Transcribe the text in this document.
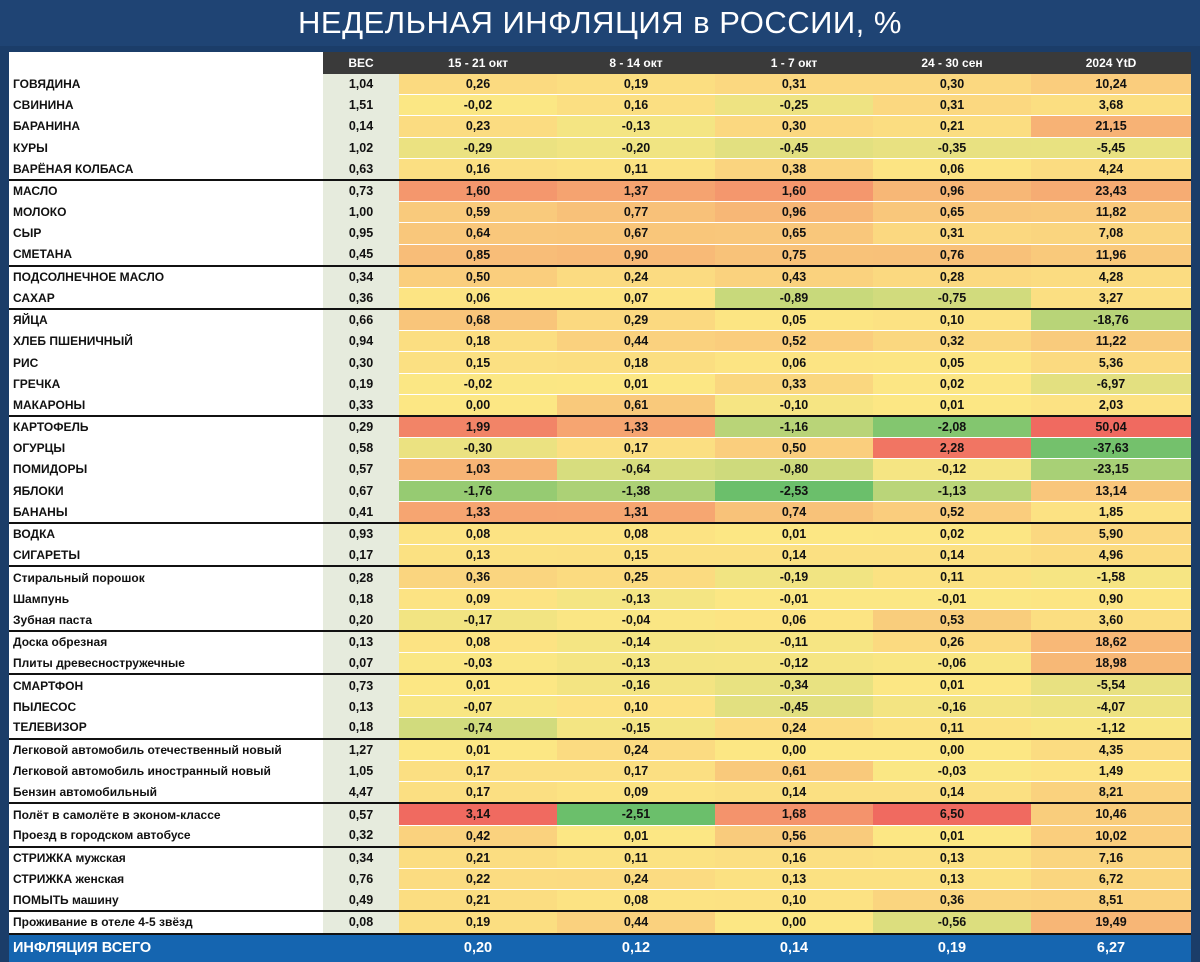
НЕДЕЛЬНАЯ ИНФЛЯЦИЯ в РОССИИ, %
	ВЕС	15 - 21 окт	8 - 14 окт	1 - 7 окт	24 - 30 сен	2024 YtD
ГОВЯДИНА	1,04	0,26	0,19	0,31	0,30	10,24
СВИНИНА	1,51	-0,02	0,16	-0,25	0,31	3,68
БАРАНИНА	0,14	0,23	-0,13	0,30	0,21	21,15
КУРЫ	1,02	-0,29	-0,20	-0,45	-0,35	-5,45
ВАРЁНАЯ КОЛБАСА	0,63	0,16	0,11	0,38	0,06	4,24
МАСЛО	0,73	1,60	1,37	1,60	0,96	23,43
МОЛОКО	1,00	0,59	0,77	0,96	0,65	11,82
СЫР	0,95	0,64	0,67	0,65	0,31	7,08
СМЕТАНА	0,45	0,85	0,90	0,75	0,76	11,96
ПОДСОЛНЕЧНОЕ МАСЛО	0,34	0,50	0,24	0,43	0,28	4,28
САХАР	0,36	0,06	0,07	-0,89	-0,75	3,27
ЯЙЦА	0,66	0,68	0,29	0,05	0,10	-18,76
ХЛЕБ ПШЕНИЧНЫЙ	0,94	0,18	0,44	0,52	0,32	11,22
РИС	0,30	0,15	0,18	0,06	0,05	5,36
ГРЕЧКА	0,19	-0,02	0,01	0,33	0,02	-6,97
МАКАРОНЫ	0,33	0,00	0,61	-0,10	0,01	2,03
КАРТОФЕЛЬ	0,29	1,99	1,33	-1,16	-2,08	50,04
ОГУРЦЫ	0,58	-0,30	0,17	0,50	2,28	-37,63
ПОМИДОРЫ	0,57	1,03	-0,64	-0,80	-0,12	-23,15
ЯБЛОКИ	0,67	-1,76	-1,38	-2,53	-1,13	13,14
БАНАНЫ	0,41	1,33	1,31	0,74	0,52	1,85
ВОДКА	0,93	0,08	0,08	0,01	0,02	5,90
СИГАРЕТЫ	0,17	0,13	0,15	0,14	0,14	4,96
Стиральный порошок	0,28	0,36	0,25	-0,19	0,11	-1,58
Шампунь	0,18	0,09	-0,13	-0,01	-0,01	0,90
Зубная паста	0,20	-0,17	-0,04	0,06	0,53	3,60
Доска обрезная	0,13	0,08	-0,14	-0,11	0,26	18,62
Плиты древесностружечные	0,07	-0,03	-0,13	-0,12	-0,06	18,98
СМАРТФОН	0,73	0,01	-0,16	-0,34	0,01	-5,54
ПЫЛЕСОС	0,13	-0,07	0,10	-0,45	-0,16	-4,07
ТЕЛЕВИЗОР	0,18	-0,74	-0,15	0,24	0,11	-1,12
Легковой автомобиль отечественный новый	1,27	0,01	0,24	0,00	0,00	4,35
Легковой автомобиль иностранный новый	1,05	0,17	0,17	0,61	-0,03	1,49
Бензин автомобильный	4,47	0,17	0,09	0,14	0,14	8,21
Полёт в самолёте в эконом-классе	0,57	3,14	-2,51	1,68	6,50	10,46
Проезд в городском автобусе	0,32	0,42	0,01	0,56	0,01	10,02
СТРИЖКА мужская	0,34	0,21	0,11	0,16	0,13	7,16
СТРИЖКА женская	0,76	0,22	0,24	0,13	0,13	6,72
ПОМЫТЬ машину	0,49	0,21	0,08	0,10	0,36	8,51
Проживание в отеле 4-5 звёзд	0,08	0,19	0,44	0,00	-0,56	19,49
ИНФЛЯЦИЯ ВСЕГО		0,20	0,12	0,14	0,19	6,27
